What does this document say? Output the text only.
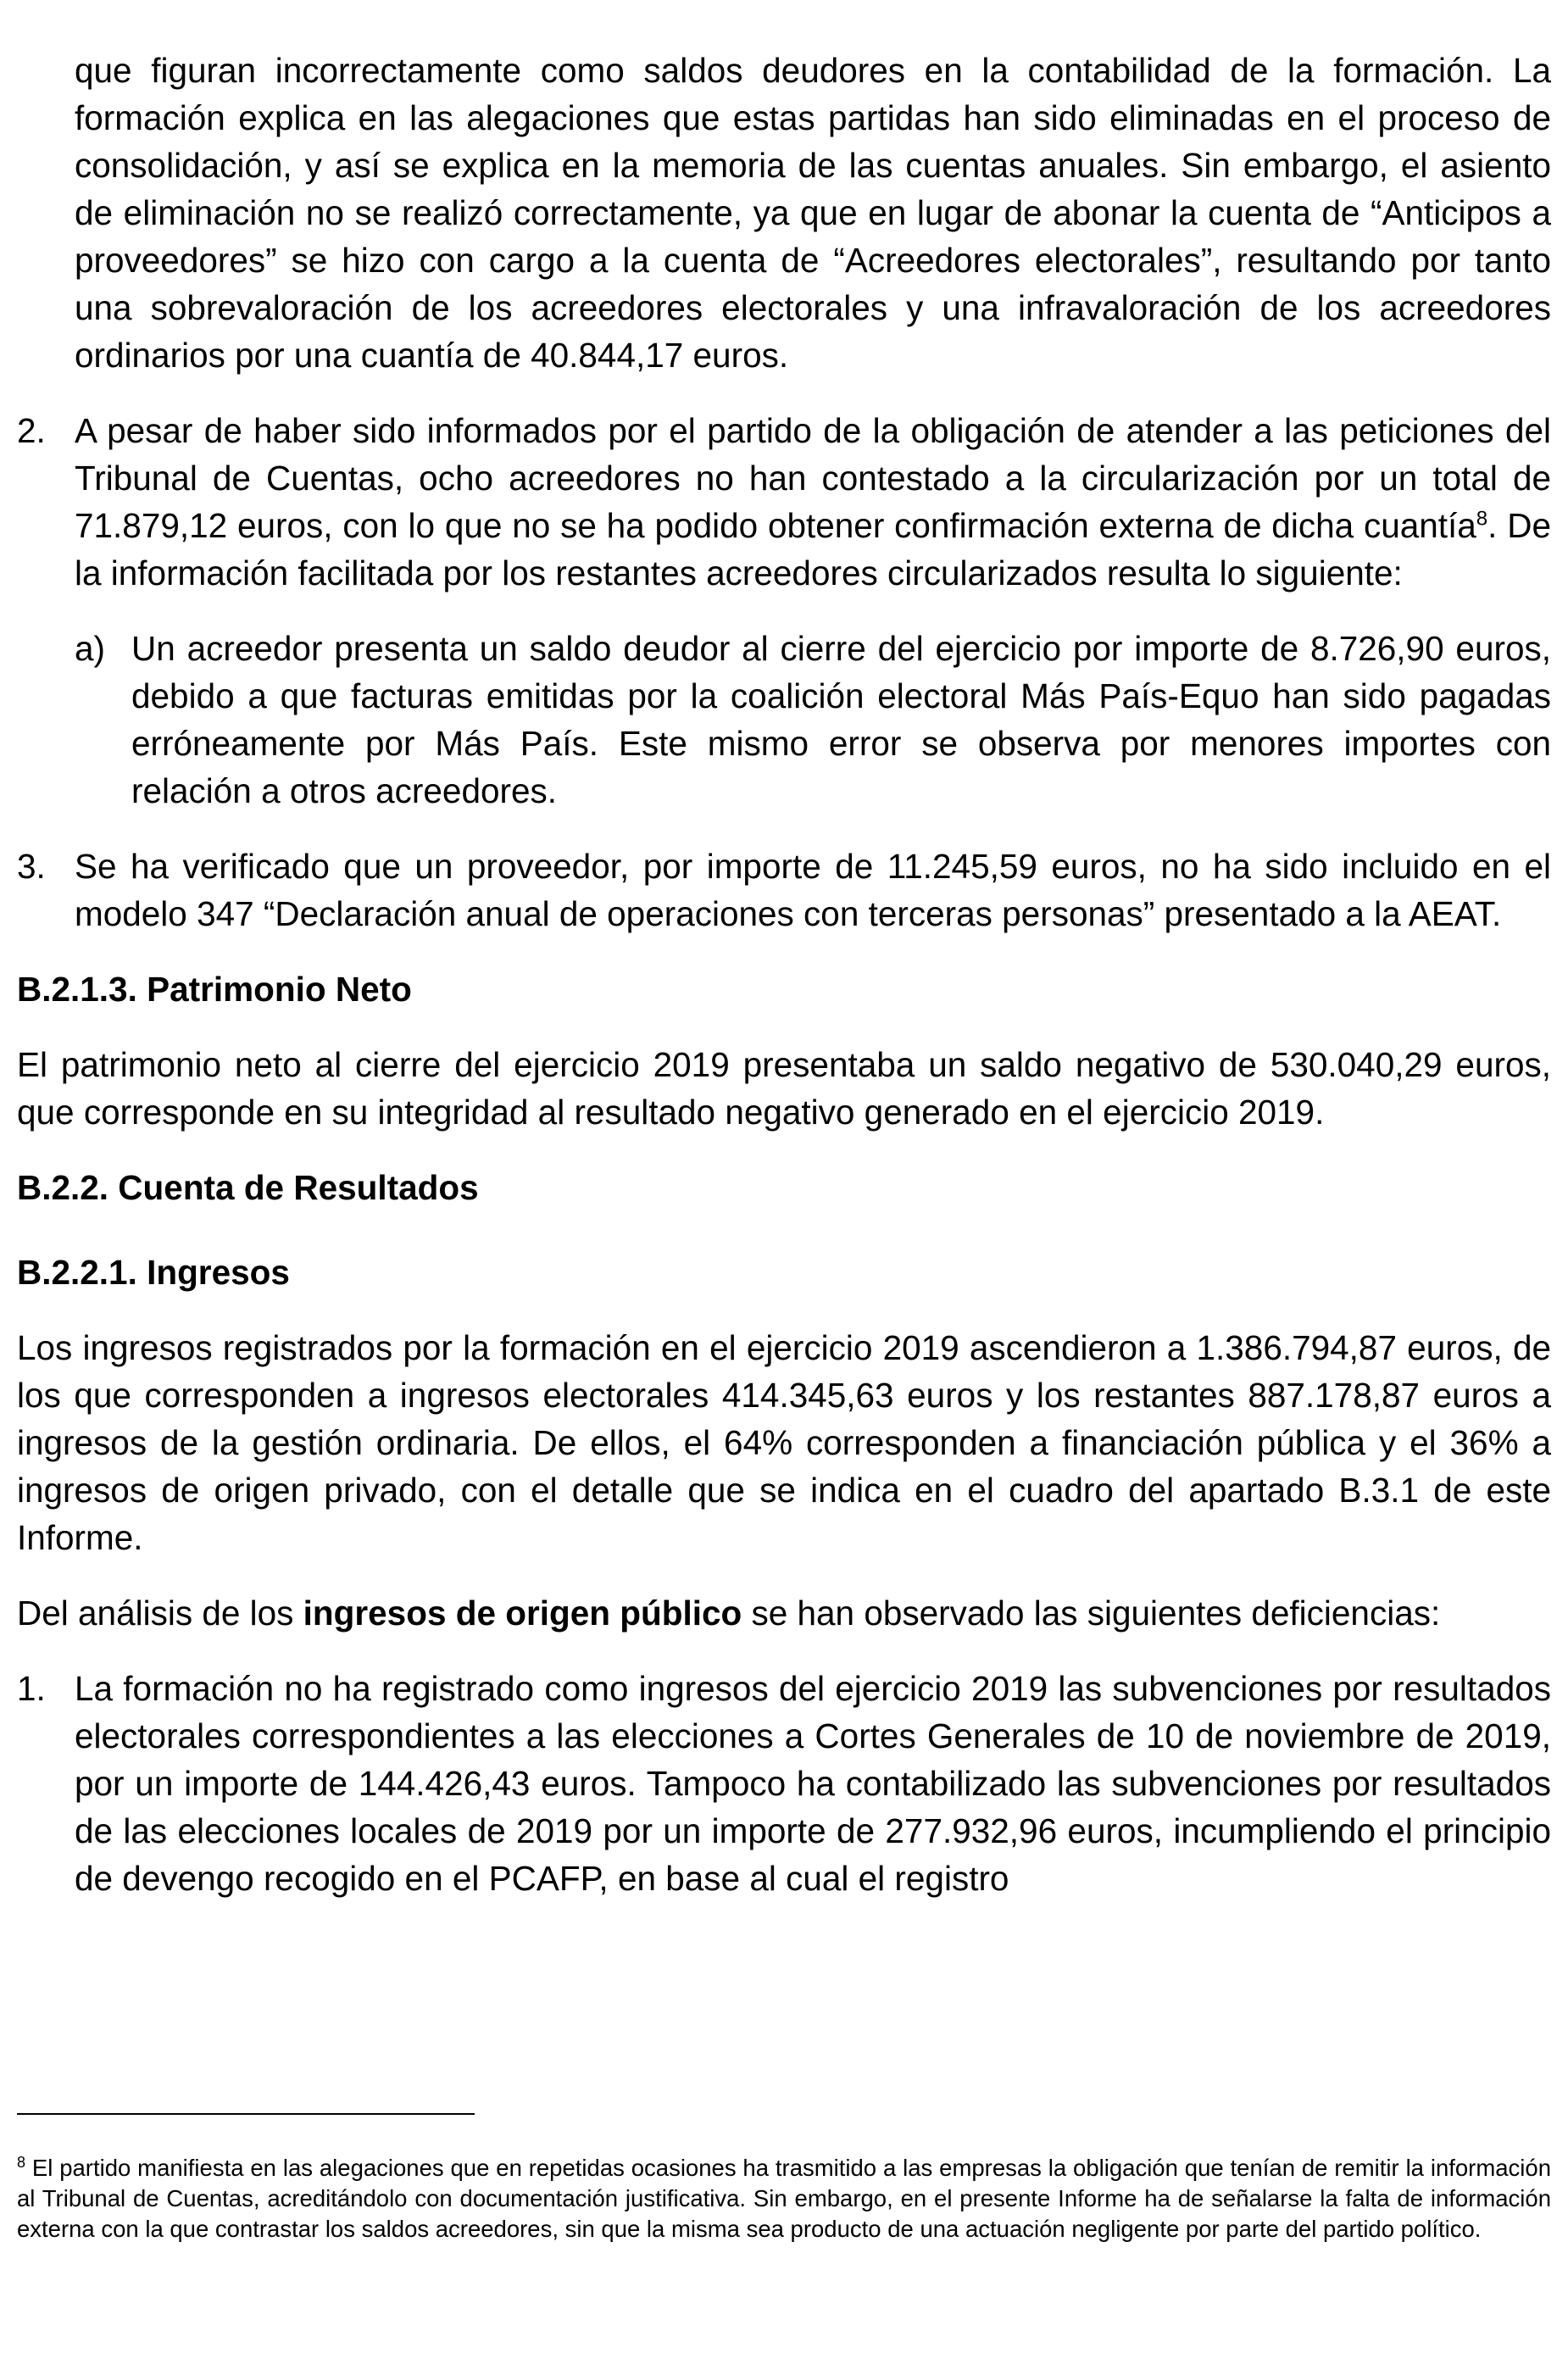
que figuran incorrectamente como saldos deudores en la contabilidad de la formación. La formación explica en las alegaciones que estas partidas han sido eliminadas en el proceso de consolidación, y así se explica en la memoria de las cuentas anuales. Sin embargo, el asiento de eliminación no se realizó correctamente, ya que en lugar de abonar la cuenta de “Anticipos a proveedores” se hizo con cargo a la cuenta de “Acreedores electorales”, resultando por tanto una sobrevaloración de los acreedores electorales y una infravaloración de los acreedores ordinarios por una cuantía de 40.844,17 euros.

2. A pesar de haber sido informados por el partido de la obligación de atender a las peticiones del Tribunal de Cuentas, ocho acreedores no han contestado a la circularización por un total de 71.879,12 euros, con lo que no se ha podido obtener confirmación externa de dicha cuantía$^8$. De la información facilitada por los restantes acreedores circularizados resulta lo siguiente:

a) Un acreedor presenta un saldo deudor al cierre del ejercicio por importe de 8.726,90 euros, debido a que facturas emitidas por la coalición electoral Más País-Equo han sido pagadas erróneamente por Más País. Este mismo error se observa por menores importes con relación a otros acreedores.

3. Se ha verificado que un proveedor, por importe de 11.245,59 euros, no ha sido incluido en el modelo 347 “Declaración anual de operaciones con terceras personas” presentado a la AEAT.

B.2.1.3. Patrimonio Neto

El patrimonio neto al cierre del ejercicio 2019 presentaba un saldo negativo de 530.040,29 euros, que corresponde en su integridad al resultado negativo generado en el ejercicio 2019.

B.2.2. Cuenta de Resultados
B.2.2.1. Ingresos

Los ingresos registrados por la formación en el ejercicio 2019 ascendieron a 1.386.794,87 euros, de los que corresponden a ingresos electorales 414.345,63 euros y los restantes 887.178,87 euros a ingresos de la gestión ordinaria. De ellos, el 64% corresponden a financiación pública y el 36% a ingresos de origen privado, con el detalle que se indica en el cuadro del apartado B.3.1 de este Informe.

Del análisis de los ingresos de origen público se han observado las siguientes deficiencias:

1. La formación no ha registrado como ingresos del ejercicio 2019 las subvenciones por resultados electorales correspondientes a las elecciones a Cortes Generales de 10 de noviembre de 2019, por un importe de 144.426,43 euros. Tampoco ha contabilizado las subvenciones por resultados de las elecciones locales de 2019 por un importe de 277.932,96 euros, incumpliendo el principio de devengo recogido en el PCAFP, en base al cual el registro

$^8$ El partido manifiesta en las alegaciones que en repetidas ocasiones ha trasmitido a las empresas la obligación que tenían de remitir la información al Tribunal de Cuentas, acreditándolo con documentación justificativa. Sin embargo, en el presente Informe ha de señalarse la falta de información externa con la que contrastar los saldos acreedores, sin que la misma sea producto de una actuación negligente por parte del partido político.
